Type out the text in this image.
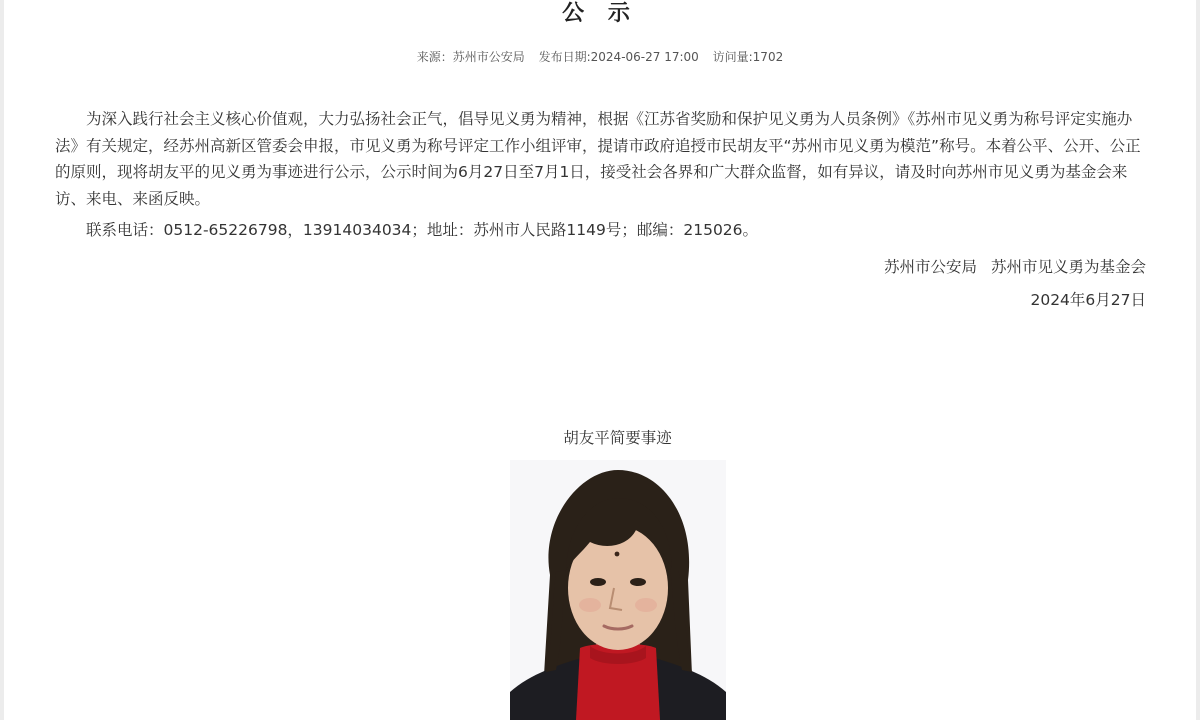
公 示
来源：苏州市公安局 发布日期:2024-06-27 17:00 访问量:1702

为深入践行社会主义核心价值观，大力弘扬社会正气，倡导见义勇为精神，根据《江苏省奖励和保护见义勇为人员条例》《苏州市见义勇为称号评定实施办法》有关规定，经苏州高新区管委会申报，市见义勇为称号评定工作小组评审，提请市政府追授市民胡友平“苏州市见义勇为模范”称号。本着公平、公开、公正的原则，现将胡友平的见义勇为事迹进行公示，公示时间为6月27日至7月1日，接受社会各界和广大群众监督，如有异议，请及时向苏州市见义勇为基金会来访、来电、来函反映。

联系电话：0512-65226798，13914034034；地址：苏州市人民路1149号；邮编：215026。

苏州市公安局 苏州市见义勇为基金会
2024年6月27日
胡友平简要事迹
